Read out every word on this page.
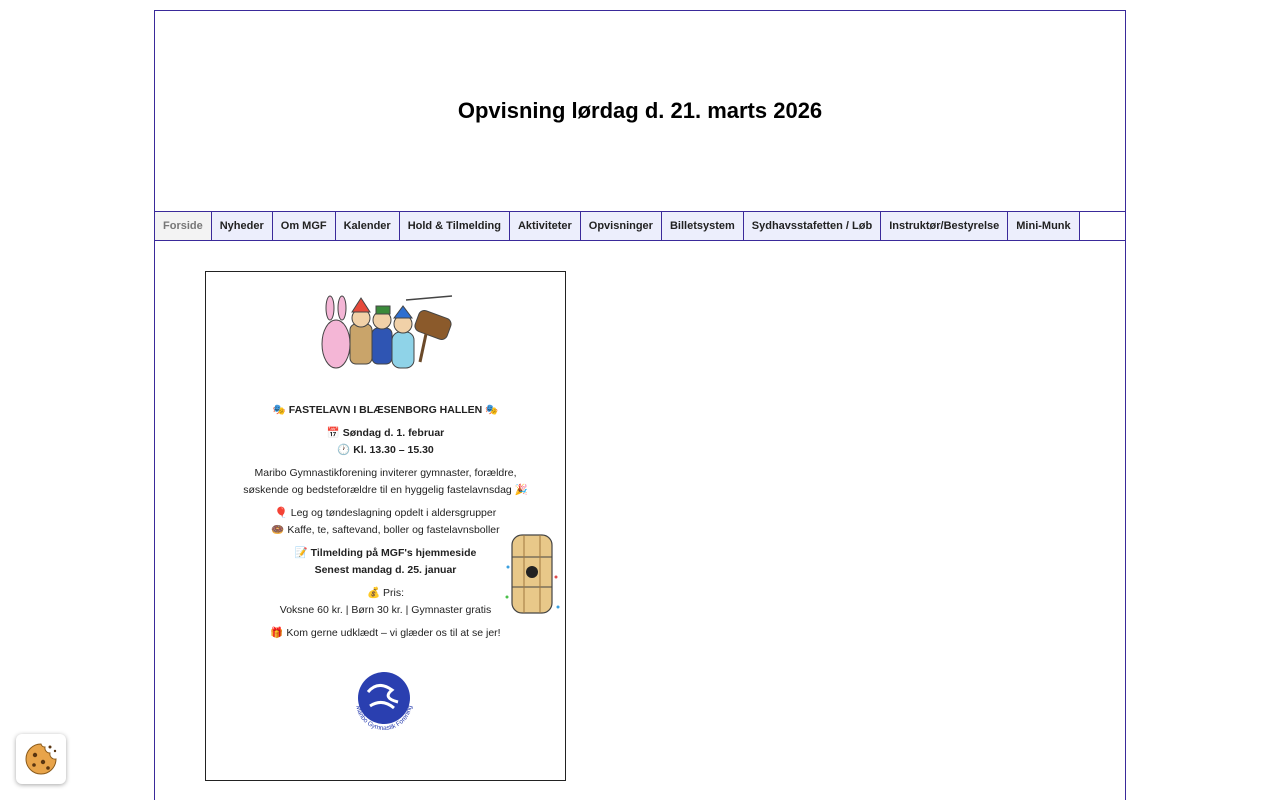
Opvisning lørdag d. 21. marts 2026
Forside	Nyheder	Om MGF	Kalender	Hold & Tilmelding	Aktiviteter	Opvisninger	Billetsystem	Sydhavsstafetten / Løb	Instruktør/Bestyrelse	Mini-Munk
🎭 FASTELAVN I BLÆSENBORG HALLEN 🎭
📅 Søndag d. 1. februar
🕐 Kl. 13.30 – 15.30
Maribo Gymnastikforening inviterer gymnaster, forældre,
søskende og bedsteforældre til en hyggelig fastelavnsdag 🎉
🎈 Leg og tøndeslagning opdelt i aldersgrupper
🍩 Kaffe, te, saftevand, boller og fastelavnsboller
📝 Tilmelding på MGF's hjemmeside
Senest mandag d. 25. januar
💰 Pris:
Voksne 60 kr. | Børn 30 kr. | Gymnaster gratis
🎁 Kom gerne udklædt – vi glæder os til at se jer!
Maribo Gymnastik Forening
